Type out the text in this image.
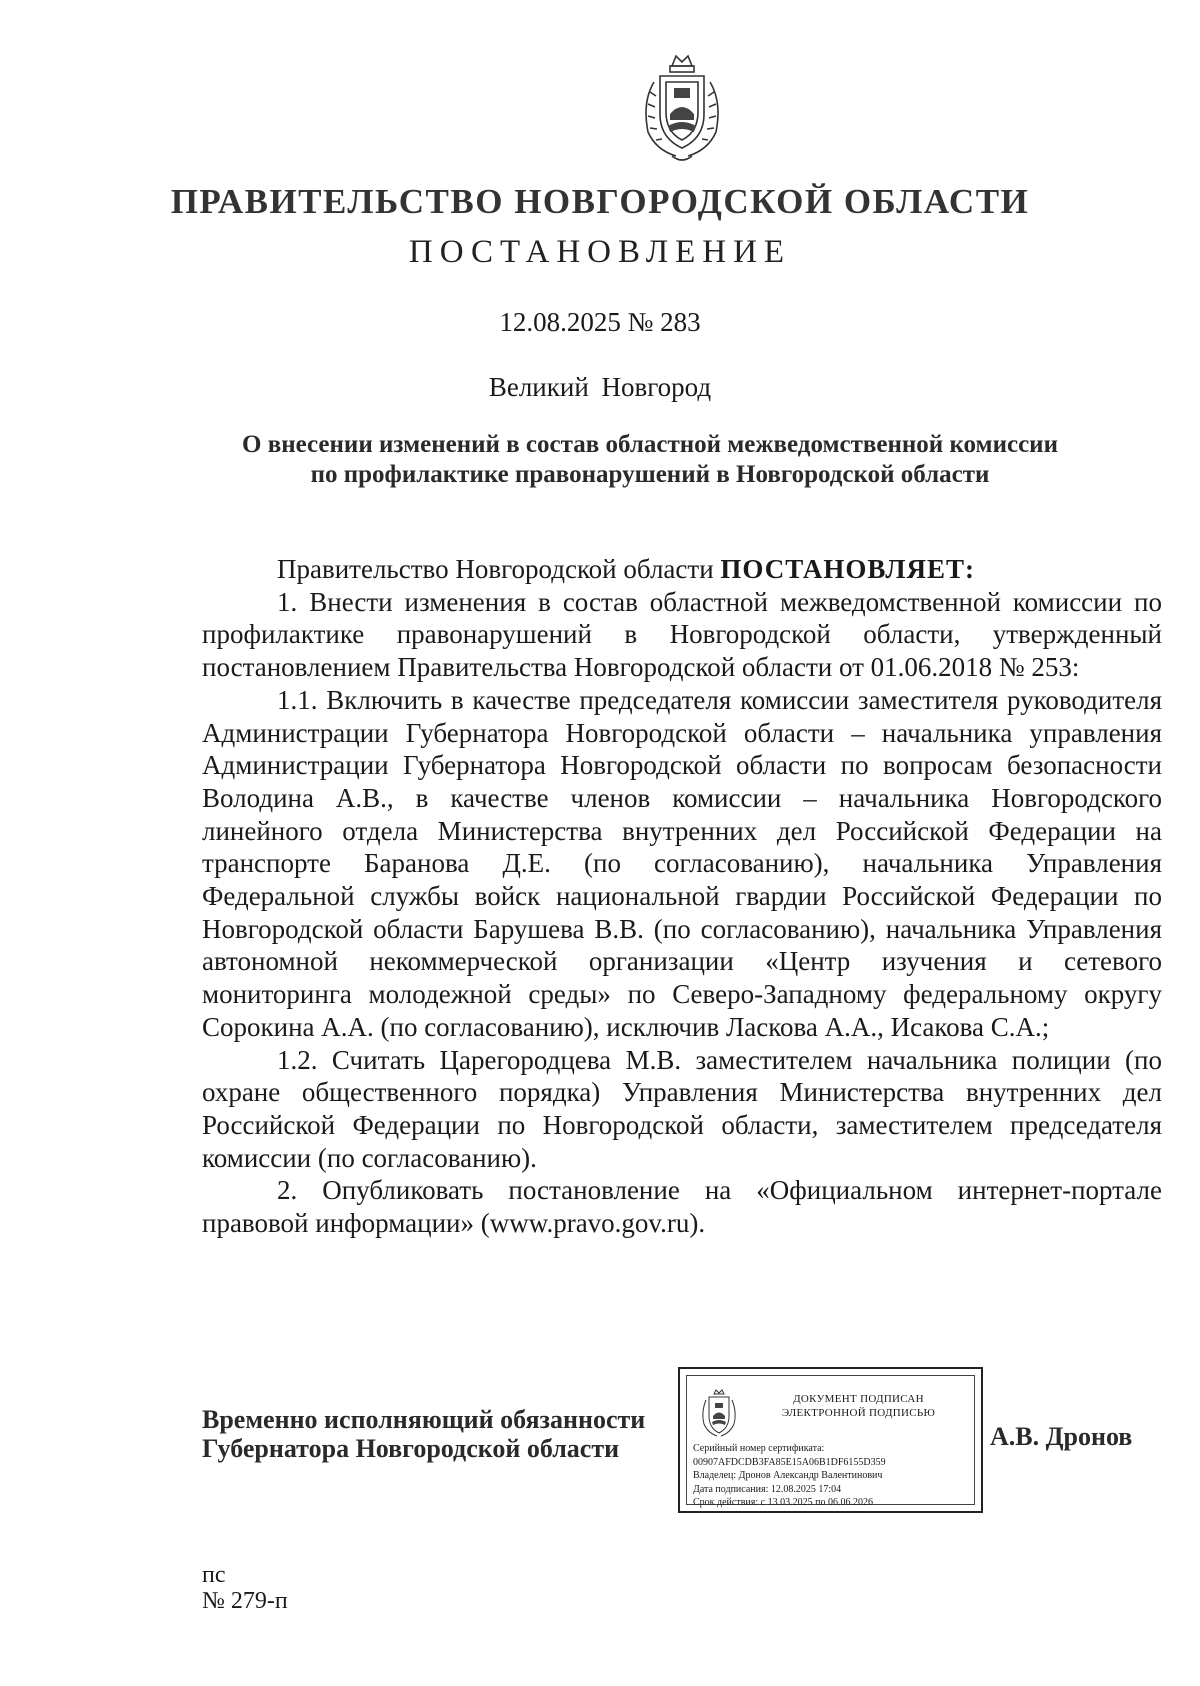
ПРАВИТЕЛЬСТВО НОВГОРОДСКОЙ ОБЛАСТИ
ПОСТАНОВЛЕНИЕ
12.08.2025 № 283
Великий Новгород
О внесении изменений в состав областной межведомственной комиссии
по профилактике правонарушений в Новгородской области

Правительство Новгородской области ПОСТАНОВЛЯЕТ:

1. Внести изменения в состав областной межведомственной комиссии по профилактике правонарушений в Новгородской области, утвержденный постановлением Правительства Новгородской области от 01.06.2018 № 253:

1.1. Включить в качестве председателя комиссии заместителя руководителя Администрации Губернатора Новгородской области – начальника управления Администрации Губернатора Новгородской области по вопросам безопасности Володина А.В., в качестве членов комиссии – начальника Новгородского линейного отдела Министерства внутренних дел Российской Федерации на транспорте Баранова Д.Е. (по согласованию), начальника Управления Федеральной службы войск национальной гвардии Российской Федерации по Новгородской области Барушева В.В. (по согласованию), начальника Управления автономной некоммерческой организации «Центр изучения и сетевого мониторинга молодежной среды» по Северо-Западному федеральному округу Сорокина А.А. (по согласованию), исключив Ласкова А.А., Исакова С.А.;

1.2. Считать Царегородцева М.В. заместителем начальника полиции (по охране общественного порядка) Управления Министерства внутренних дел Российской Федерации по Новгородской области, заместителем председателя комиссии (по согласованию).

2. Опубликовать постановление на «Официальном интернет-портале правовой информации» (www.pravo.gov.ru).

Временно исполняющий обязанности
Губернатора Новгородской области
ДОКУМЕНТ ПОДПИСАН
ЭЛЕКТРОННОЙ ПОДПИСЬЮ
Серийный номер сертификата:
00907AFDCDB3FA85E15A06B1DF6155D359
Владелец: Дронов Александр Валентинович
Дата подписания: 12.08.2025 17:04
Срок действия: с 13.03.2025 по 06.06.2026
А.В. Дронов
пс
№ 279-п
